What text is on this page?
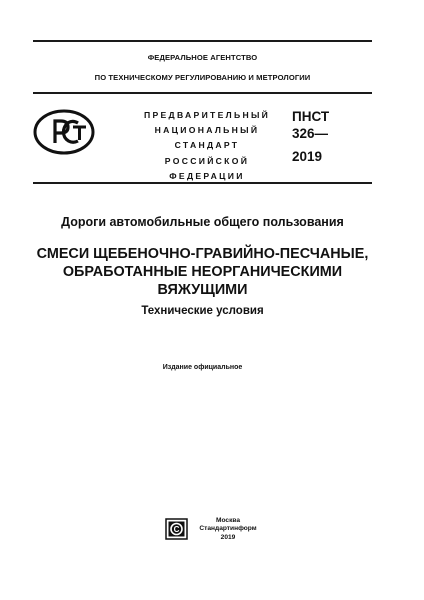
ФЕДЕРАЛЬНОЕ АГЕНТСТВО
ПО ТЕХНИЧЕСКОМУ РЕГУЛИРОВАНИЮ И МЕТРОЛОГИИ
ПРЕДВАРИТЕЛЬНЫЙ
НАЦИОНАЛЬНЫЙ
СТАНДАРТ
РОССИЙСКОЙ
ФЕДЕРАЦИИ
ПНСТ
326—
2019
Дороги автомобильные общего пользования
СМЕСИ ЩЕБЕНОЧНО-ГРАВИЙНО-ПЕСЧАНЫЕ,
ОБРАБОТАННЫЕ НЕОРГАНИЧЕСКИМИ
ВЯЖУЩИМИ
Технические условия
Издание официальное
С
Москва
Стандартинформ
2019
